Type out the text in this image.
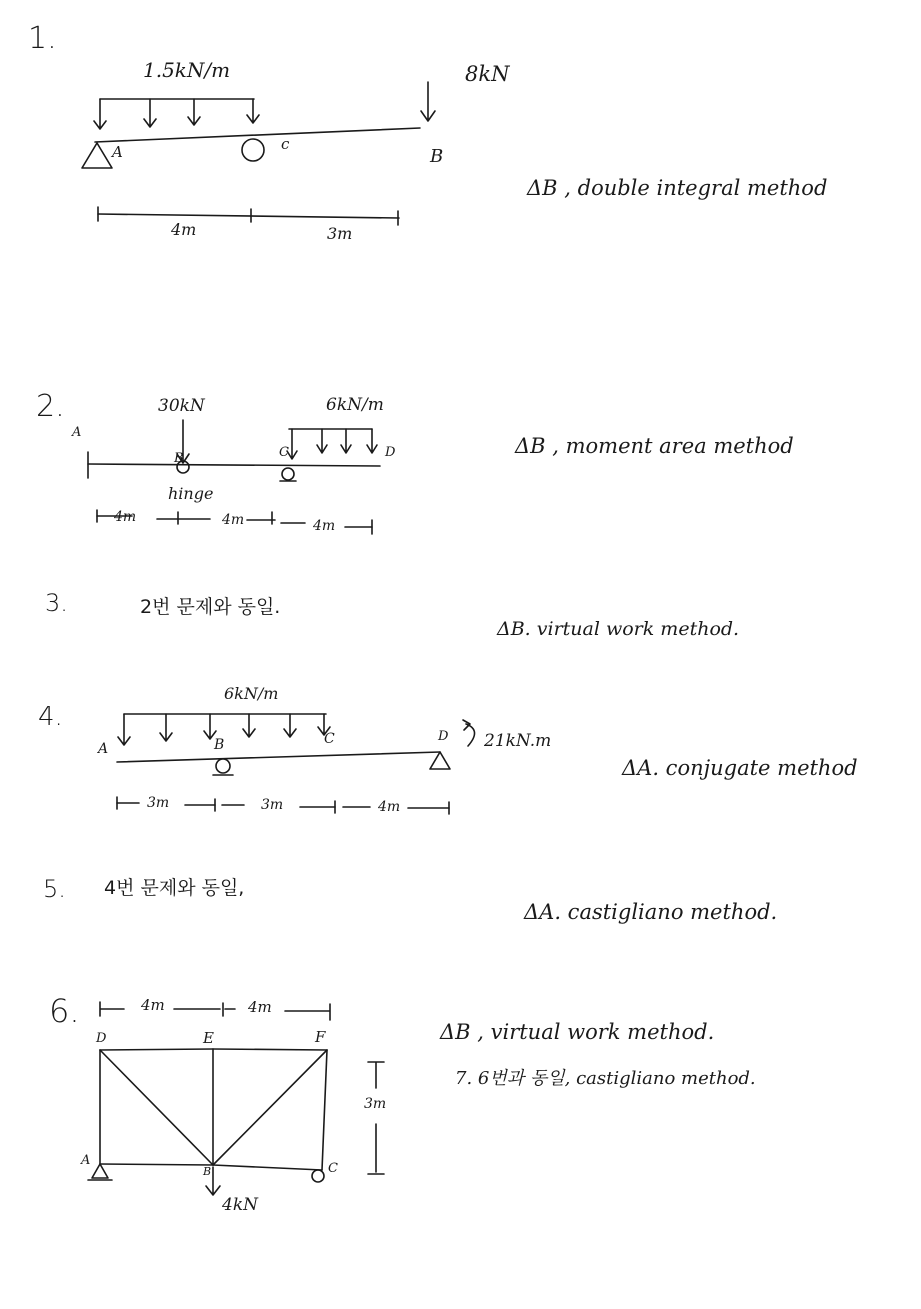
1.
1.5kN/m	8kN
A	c
B
4m	3m
ΔB , double integral method
2.	30kN	6kN/m
A
B	C	D
hinge
4m	4m	4m
ΔB , moment area method
3.	2번 문제와 동일.
ΔB. virtual work method.
4.
6kN/m
A	B	C	D 21kN.m
3m	3m	4m
ΔA. conjugate method
5. 4번 문제와 동일,
ΔA. castigliano method.
6.	4m	4m
D	E	F
A
B	C
3m
4kN
ΔB , virtual work method.
7. 6번과 동일, castigliano method.
